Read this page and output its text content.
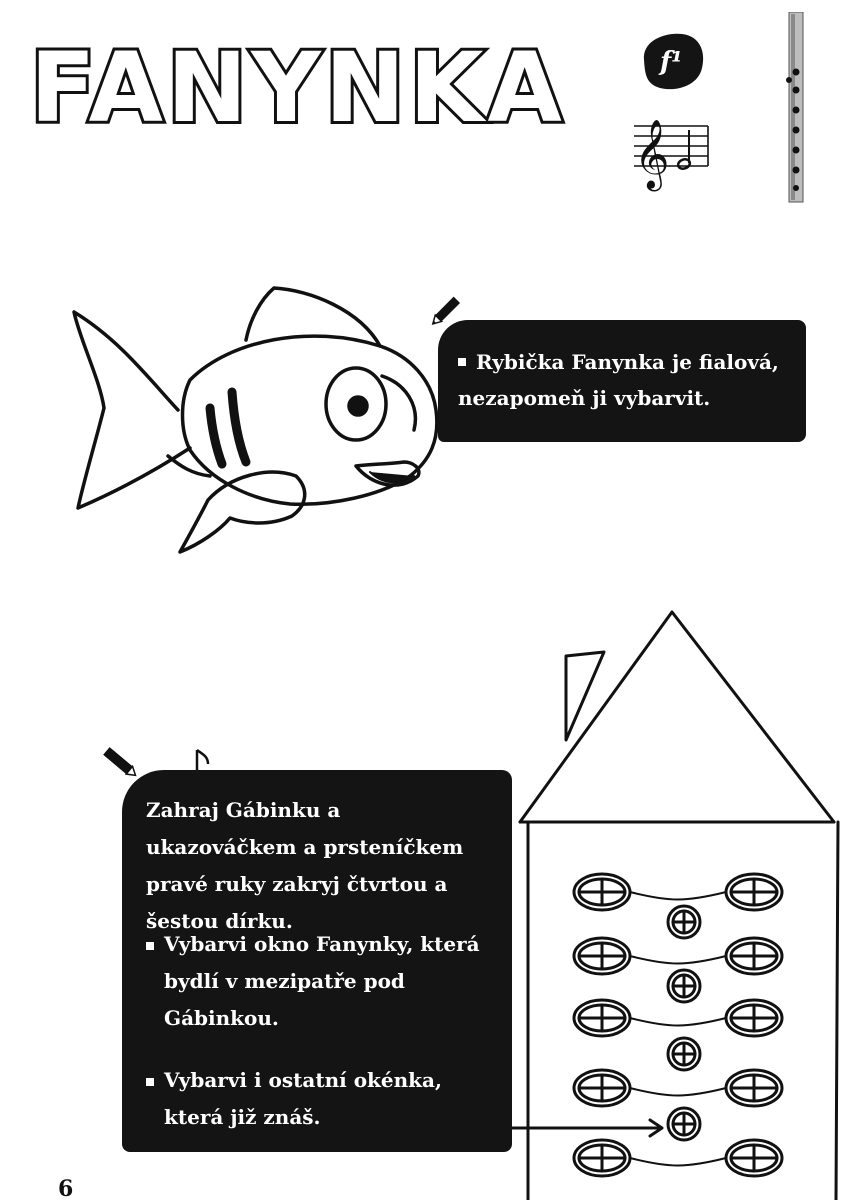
FANYNKA	f¹
𝄞
Rybička Fanynka je fialová,
nezapomeň ji vybarvit.
Zahraj Gábinku a ukazováčkem a prsteníčkem pravé ruky zakryj čtvrtou a šestou dírku.
Vybarvi okno Fanynky, která bydlí v mezipatře pod Gábinkou.
Vybarvi i ostatní okénka, která již znáš.
6
